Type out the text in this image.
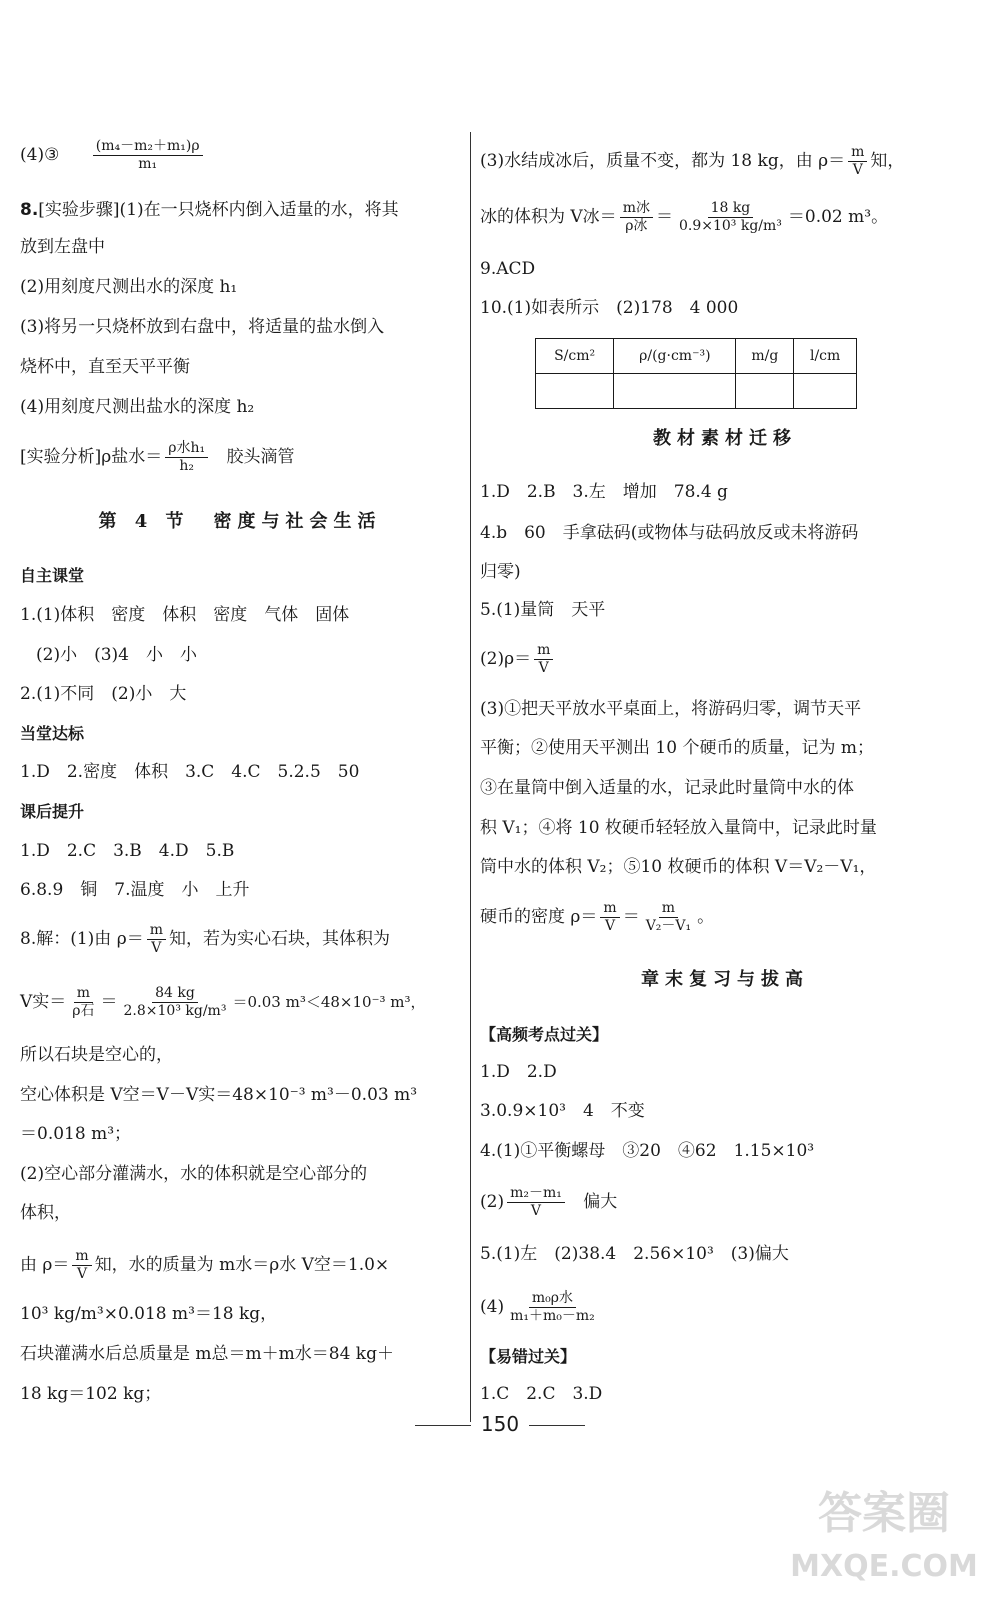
(4)③ $\frac{\text{(m₄－m₂＋m₁)ρ}}{\text{m₁}}$
8.[实验步骤](1)在一只烧杯内倒入适量的水，将其
放到左盘中
(2)用刻度尺测出水的深度 h₁
(3)将另一只烧杯放到右盘中，将适量的盐水倒入
烧杯中，直至天平平衡
(4)用刻度尺测出盐水的深度 h₂
[实验分析]ρ盐水＝ $\frac{\text{ρ水h₁}}{\text{h₂}}$ 胶头滴管
第 4 节　密度与社会生活
自主课堂
1.(1)体积　密度　体积　密度　气体　固体
(2)小　(3)4　小　小
2.(1)不同　(2)小　大
当堂达标
1.D　2.密度　体积　3.C　4.C　5.2.5　50
课后提升
1.D　2.C　3.B　4.D　5.B
6.8.9　铜　7.温度　小　上升
8.解：(1)由 $\rho= \frac{m}{V}$ 知，若为实心石块，其体积为
V实＝ $\frac{m}{\text{ρ石}} = \frac{84 kg}{\text{2.8×10³ kg/m³}} =0.03$ m³＜48×10⁻³ m³，
所以石块是空心的，
空心体积是 V空＝V－V实＝48×10⁻³ m³－0.03 m³
＝0.018 m³；
(2)空心部分灌满水，水的体积就是空心部分的
体积，
由 $\rho= \frac{m}{V}$ 知，水的质量为 m水＝ρ水 V空＝1.0×
10³ kg/m³×0.018 m³＝18 kg，
石块灌满水后总质量是 m总＝m＋m水＝84 kg＋
18 kg＝102 kg；
(3)水结成冰后，质量不变，都为 18 kg，由 $\rho= \frac{m}{V}$ 知，
冰的体积为 V冰＝ $\frac{\text{m冰}}{\text{ρ冰}} = \frac{18 kg}{\text{0.9×10³ kg/m³}} =0.02$ m³。
9.ACD
10.(1)如表所示　(2)178　4 000
S/cm²	ρ/(g·cm⁻³)	m/g	l/cm

教材素材迁移
1.D　2.B　3.左　增加　78.4 g
4.b　60　手拿砝码(或物体与砝码放反或未将游码
归零)
5.(1)量筒　天平
$(2)\rho= \frac{m}{V}$
(3)①把天平放水平桌面上，将游码归零，调节天平
平衡；②使用天平测出 10 个硬币的质量，记为 m；
③在量筒中倒入适量的水，记录此时量筒中水的体
积 V₁；④将 10 枚硬币轻轻放入量筒中，记录此时量
筒中水的体积 V₂；⑤10 枚硬币的体积 V＝V₂－V₁，
硬币的密度 $\rho= \frac{m}{V} = \frac{m}{\text{V₂－V₁}}$ 。
章末复习与拔高
【高频考点过关】
1.D　2.D
3.0.9×10³　4　不变
4.(1)①平衡螺母　③20　④62　1.15×10³
$(2) \frac{\text{m₂－m₁}}{V}$ 偏大
5.(1)左　(2)38.4　2.56×10³　(3)偏大
$(4) \frac{\text{m₀ρ水}}{\text{m₁＋m₀－m₂}}$
【易错过关】
1.C　2.C　3.D
150
答案圈
MXQE.COM
